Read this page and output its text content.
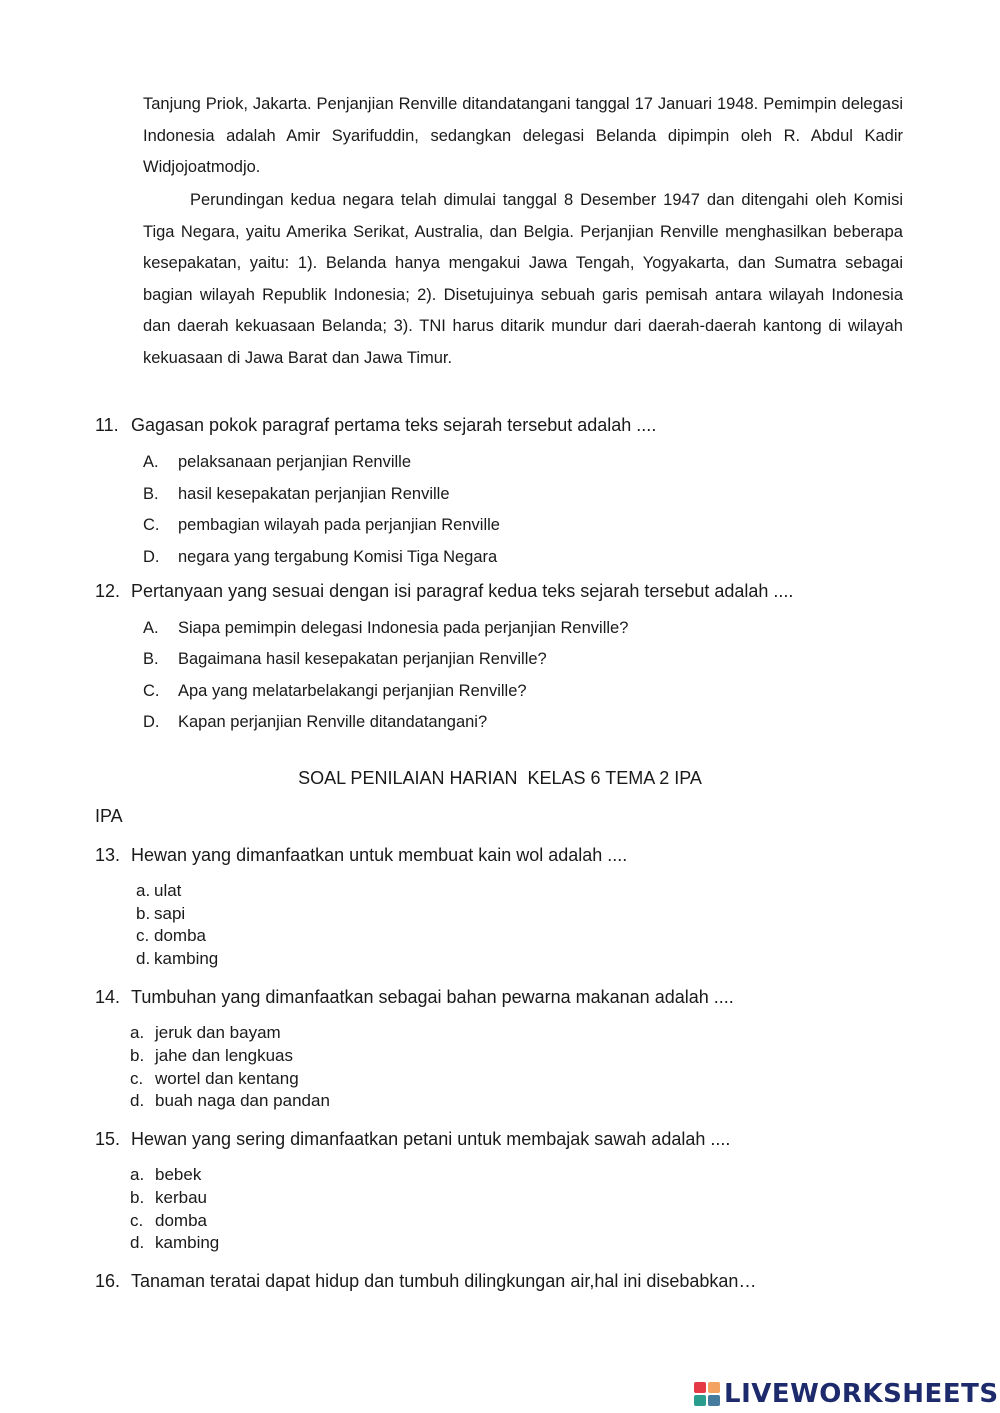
Tanjung Priok, Jakarta. Penjanjian Renville ditandatangani tanggal 17 Januari 1948. Pemimpin delegasi Indonesia adalah Amir Syarifuddin, sedangkan delegasi Belanda dipimpin oleh R. Abdul Kadir Widjojoatmodjo.

Perundingan kedua negara telah dimulai tanggal 8 Desember 1947 dan ditengahi oleh Komisi Tiga Negara, yaitu Amerika Serikat, Australia, dan Belgia. Perjanjian Renville menghasilkan beberapa kesepakatan, yaitu: 1). Belanda hanya mengakui Jawa Tengah, Yogyakarta, dan Sumatra sebagai bagian wilayah Republik Indonesia; 2). Disetujuinya sebuah garis pemisah antara wilayah Indonesia dan daerah kekuasaan Belanda; 3). TNI harus ditarik mundur dari daerah-daerah kantong di wilayah kekuasaan di Jawa Barat dan Jawa Timur.

11. Gagasan pokok paragraf pertama teks sejarah tersebut adalah ....
A. pelaksanaan perjanjian Renville
B. hasil kesepakatan perjanjian Renville
C. pembagian wilayah pada perjanjian Renville
D. negara yang tergabung Komisi Tiga Negara
12. Pertanyaan yang sesuai dengan isi paragraf kedua teks sejarah tersebut adalah ....
A. Siapa pemimpin delegasi Indonesia pada perjanjian Renville?
B. Bagaimana hasil kesepakatan perjanjian Renville?
C. Apa yang melatarbelakangi perjanjian Renville?
D. Kapan perjanjian Renville ditandatangani?
SOAL PENILAIAN HARIAN  KELAS 6 TEMA 2 IPA
IPA
13. Hewan yang dimanfaatkan untuk membuat kain wol adalah ....
a. ulat
b. sapi
c. domba
d. kambing
14. Tumbuhan yang dimanfaatkan sebagai bahan pewarna makanan adalah ....
a. jeruk dan bayam
b. jahe dan lengkuas
c. wortel dan kentang
d. buah naga dan pandan
15. Hewan yang sering dimanfaatkan petani untuk membajak sawah adalah ....
a. bebek
b. kerbau
c. domba
d. kambing
16. Tanaman teratai dapat hidup dan tumbuh dilingkungan air,hal ini disebabkan…
LIVEWORKSHEETS
